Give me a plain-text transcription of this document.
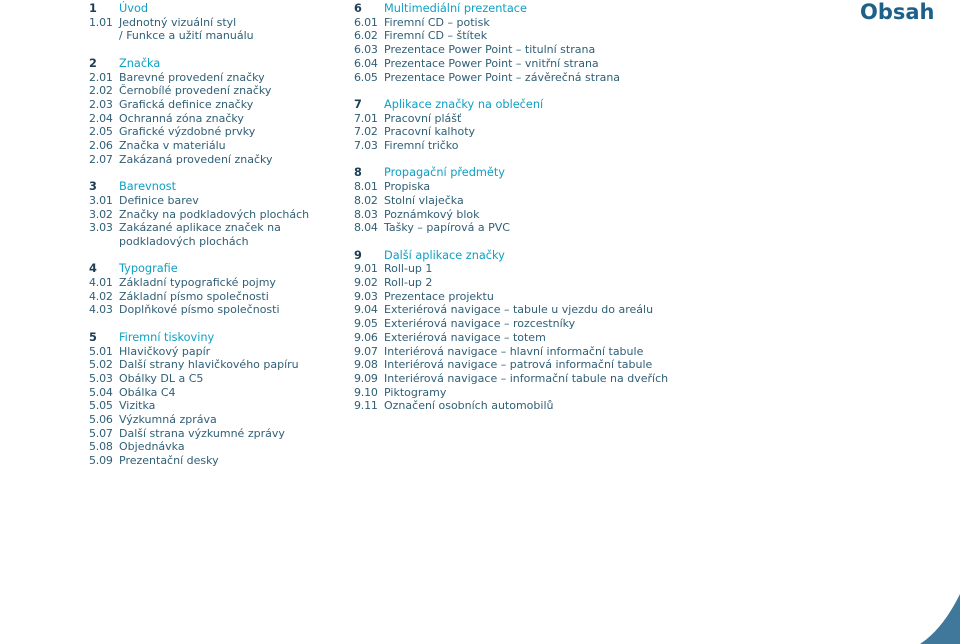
Obsah
1	Úvod
1.01 Jednotný vizuální styl
/ Funkce a užití manuálu
2	Značka
2.01 Barevné provedení značky
2.02 Černobílé provedení značky
2.03 Grafická definice značky
2.04 Ochranná zóna značky
2.05 Grafické výzdobné prvky
2.06 Značka v materiálu
2.07 Zakázaná provedení značky
3	Barevnost
3.01 Definice barev
3.02 Značky na podkladových plochách
3.03 Zakázané aplikace značek na
podkladových plochách
4	Typografie
4.01 Základní typografické pojmy
4.02 Základní písmo společnosti
4.03 Doplňkové písmo společnosti
5	Firemní tiskoviny
5.01 Hlavičkový papír
5.02 Další strany hlavičkového papíru
5.03 Obálky DL a C5
5.04 Obálka C4
5.05 Vizitka
5.06 Výzkumná zpráva
5.07 Další strana výzkumné zprávy
5.08 Objednávka
5.09 Prezentační desky
6	Multimediální prezentace
6.01 Firemní CD – potisk
6.02 Firemní CD – štítek
6.03 Prezentace Power Point – titulní strana
6.04 Prezentace Power Point – vnitřní strana
6.05 Prezentace Power Point – závěrečná strana
7	Aplikace značky na oblečení
7.01 Pracovní plášť
7.02 Pracovní kalhoty
7.03 Firemní tričko
8	Propagační předměty
8.01 Propiska
8.02 Stolní vlaječka
8.03 Poznámkový blok
8.04 Tašky – papírová a PVC
9	Další aplikace značky
9.01 Roll-up 1
9.02 Roll-up 2
9.03 Prezentace projektu
9.04 Exteriérová navigace – tabule u vjezdu do areálu
9.05 Exteriérová navigace – rozcestníky
9.06 Exteriérová navigace – totem
9.07 Interiérová navigace – hlavní informační tabule
9.08 Interiérová navigace – patrová informační tabule
9.09 Interiérová navigace – informační tabule na dveřích
9.10 Piktogramy
9.11 Označení osobních automobilů
